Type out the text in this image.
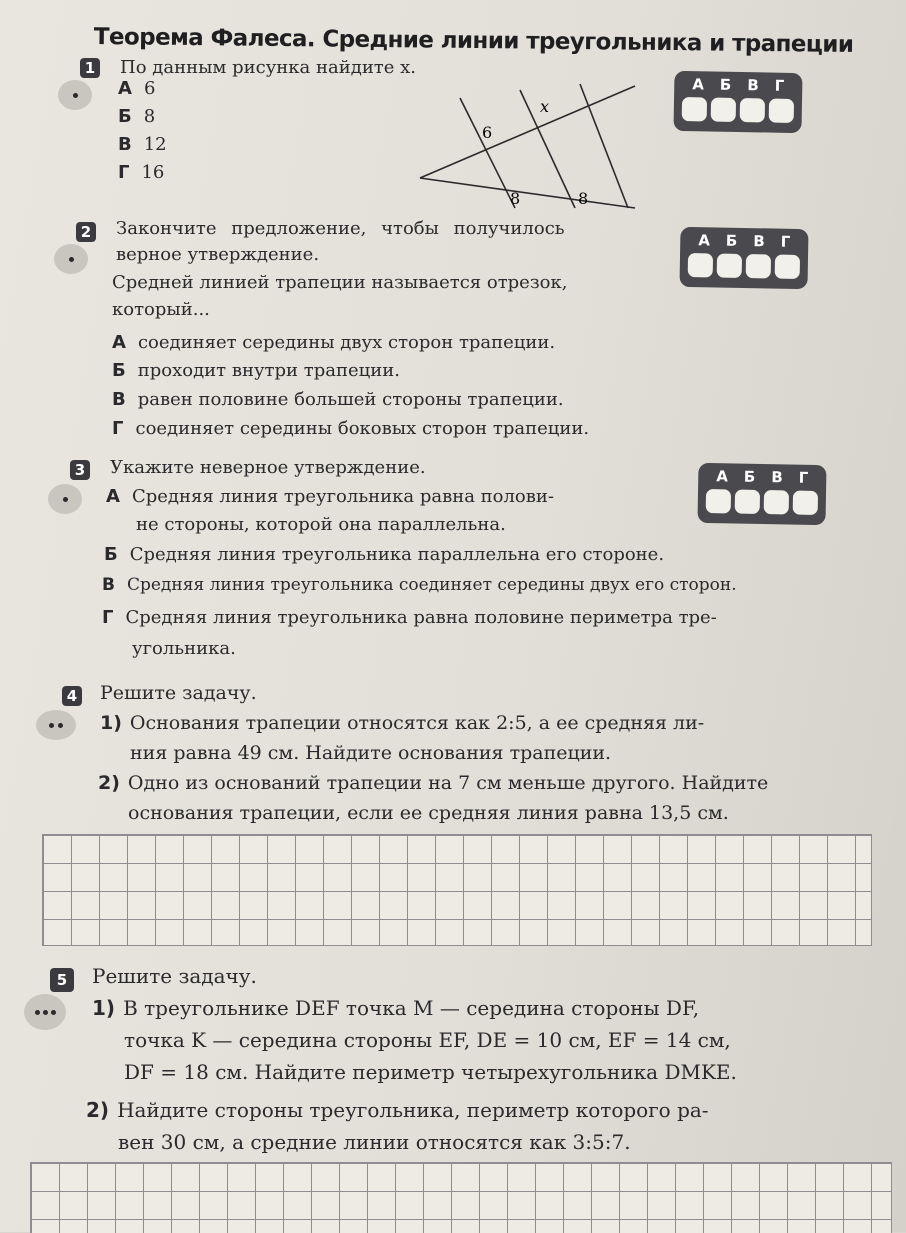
Теорема Фалеса. Средние линии треугольника и трапеции
1 По данным рисунка найдите x.
А 6
Б 8
В 12
Г 16
x
6
8	8
А Б В Г
2 Закончите предложение, чтобы получилось
верное утверждение.
Средней линией трапеции называется отрезок,
который...
А соединяет середины двух сторон трапеции.
Б проходит внутри трапеции.
В равен половине большей стороны трапеции.
Г соединяет середины боковых сторон трапеции.
А Б В Г
3 Укажите неверное утверждение.
А Средняя линия треугольника равна полови-
не стороны, которой она параллельна.
Б Средняя линия треугольника параллельна его стороне.
В Средняя линия треугольника соединяет середины двух его сторон.
Г Средняя линия треугольника равна половине периметра тре-
угольника.
А Б В Г
4 Решите задачу.
1) Основания трапеции относятся как 2:5, а ее средняя ли-
ния равна 49 см. Найдите основания трапеции.
2) Одно из оснований трапеции на 7 см меньше другого. Найдите
основания трапеции, если ее средняя линия равна 13,5 см.
5	Решите задачу.
1) В треугольнике DEF точка M — середина стороны DF,
точка K — середина стороны EF, DE = 10 см, EF = 14 см,
DF = 18 см. Найдите периметр четырехугольника DMKE.
2) Найдите стороны треугольника, периметр которого ра-
вен 30 см, а средние линии относятся как 3:5:7.
